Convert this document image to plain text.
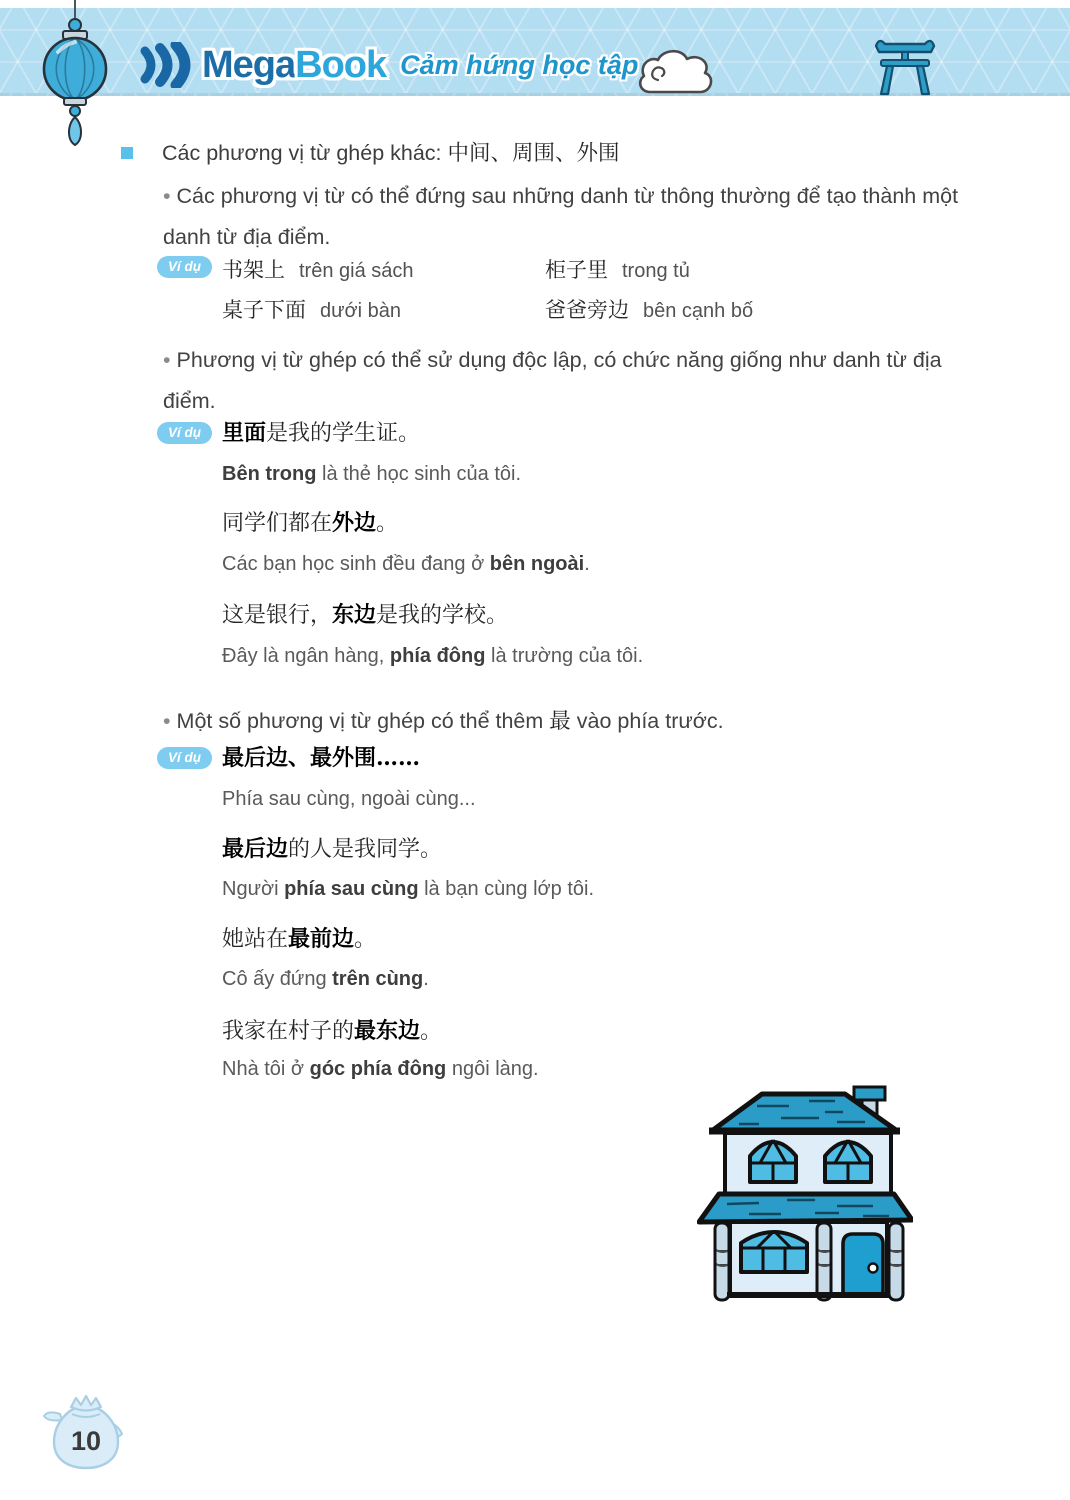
MegaBook Cảm hứng học tập
Các phương vị từ ghép khác: 中间、周围、外围
• Các phương vị từ có thể đứng sau những danh từ thông thường để tạo thành một danh từ địa điểm.
Ví dụ	书架上 trên giá sách	柜子里 trong tủ
桌子下面 dưới bàn	爸爸旁边 bên cạnh bố
• Phương vị từ ghép có thể sử dụng độc lập, có chức năng giống như danh từ địa điểm.
Ví dụ 里面是我的学生证。
Bên trong là thẻ học sinh của tôi.
同学们都在外边。
Các bạn học sinh đều đang ở bên ngoài.
这是银行，东边是我的学校。
Đây là ngân hàng, phía đông là trường của tôi.
• Một số phương vị từ ghép có thể thêm 最 vào phía trước.
Ví dụ 最后边、最外围……
Phía sau cùng, ngoài cùng...
最后边的人是我同学。
Người phía sau cùng là bạn cùng lớp tôi.
她站在最前边。
Cô ấy đứng trên cùng.
我家在村子的最东边。
Nhà tôi ở góc phía đông ngôi làng.
10
